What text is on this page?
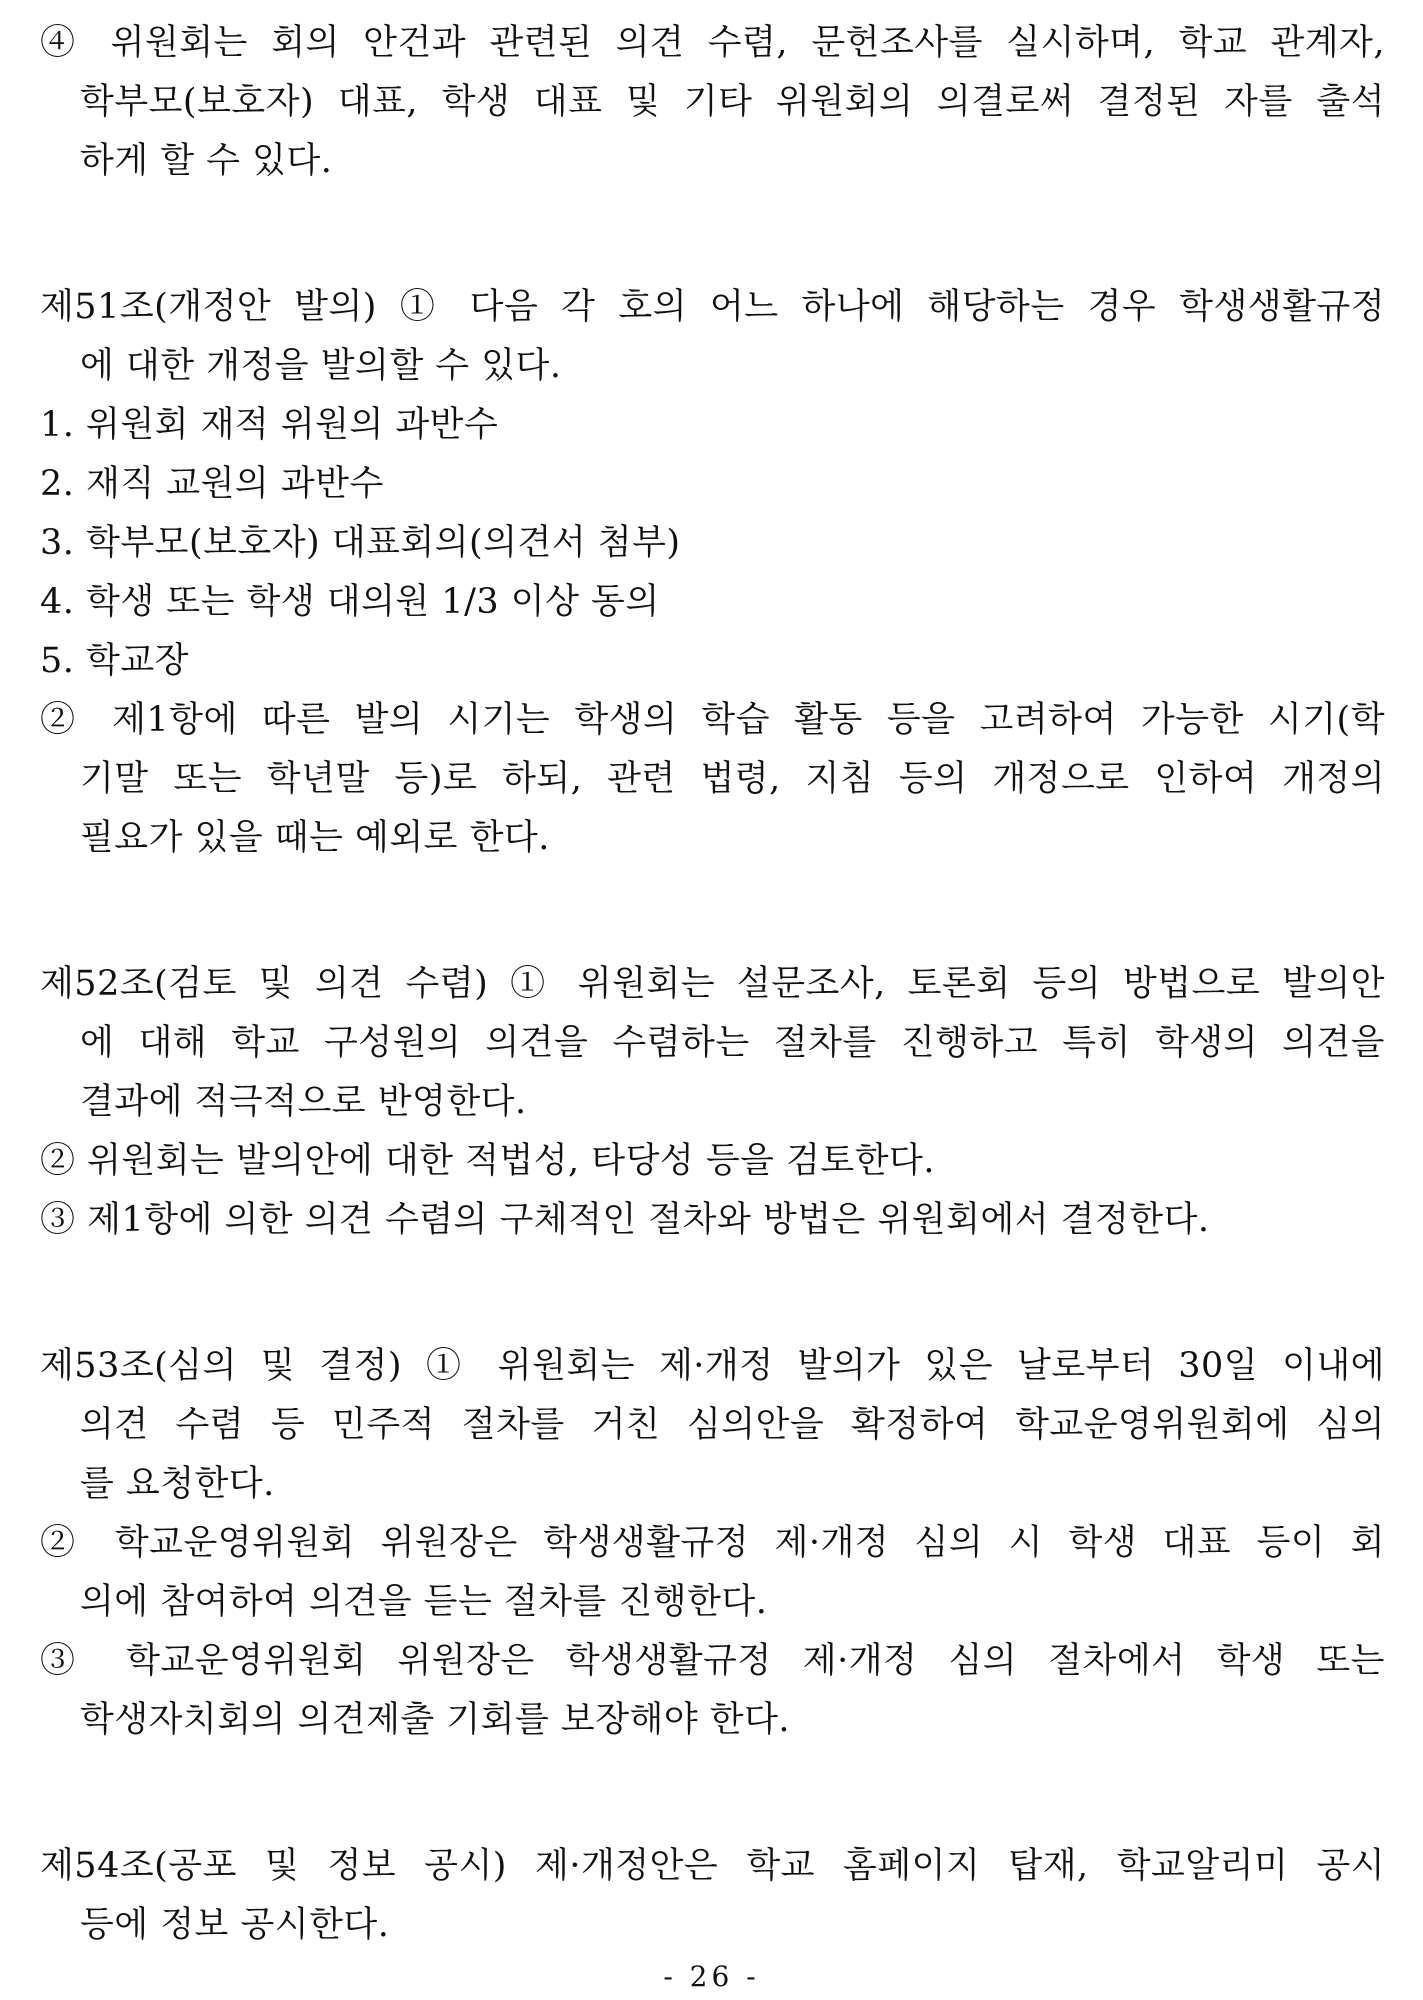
④ 위원회는 회의 안건과 관련된 의견 수렴, 문헌조사를 실시하며, 학교 관계자,
학부모(보호자) 대표, 학생 대표 및 기타 위원회의 의결로써 결정된 자를 출석
하게 할 수 있다.
제51조(개정안 발의) ① 다음 각 호의 어느 하나에 해당하는 경우 학생생활규정
에 대한 개정을 발의할 수 있다.
1. 위원회 재적 위원의 과반수
2. 재직 교원의 과반수
3. 학부모(보호자) 대표회의(의견서 첨부)
4. 학생 또는 학생 대의원 1/3 이상 동의
5. 학교장
② 제1항에 따른 발의 시기는 학생의 학습 활동 등을 고려하여 가능한 시기(학
기말 또는 학년말 등)로 하되, 관련 법령, 지침 등의 개정으로 인하여 개정의
필요가 있을 때는 예외로 한다.
제52조(검토 및 의견 수렴) ① 위원회는 설문조사, 토론회 등의 방법으로 발의안
에 대해 학교 구성원의 의견을 수렴하는 절차를 진행하고 특히 학생의 의견을
결과에 적극적으로 반영한다.
② 위원회는 발의안에 대한 적법성, 타당성 등을 검토한다.
③ 제1항에 의한 의견 수렴의 구체적인 절차와 방법은 위원회에서 결정한다.
제53조(심의 및 결정) ① 위원회는 제·개정 발의가 있은 날로부터 30일 이내에
의견 수렴 등 민주적 절차를 거친 심의안을 확정하여 학교운영위원회에 심의
를 요청한다.
② 학교운영위원회 위원장은 학생생활규정 제·개정 심의 시 학생 대표 등이 회
의에 참여하여 의견을 듣는 절차를 진행한다.
③ 학교운영위원회 위원장은 학생생활규정 제·개정 심의 절차에서 학생 또는
학생자치회의 의견제출 기회를 보장해야 한다.
제54조(공포 및 정보 공시) 제·개정안은 학교 홈페이지 탑재, 학교알리미 공시
등에 정보 공시한다.
- 26 -
